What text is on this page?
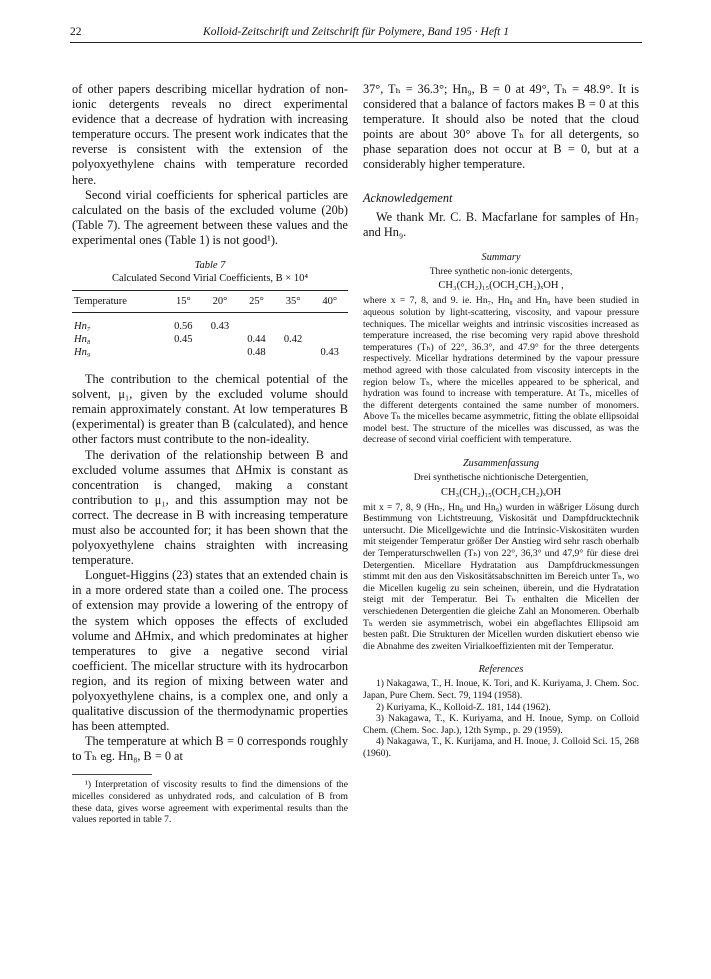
22	Kolloid-Zeitschrift und Zeitschrift für Polymere, Band 195 · Heft 1

of other papers describing micellar hydration of non-ionic detergents reveals no direct experimental evidence that a decrease of hydration with increasing temperature occurs. The present work indicates that the reverse is consistent with the extension of the polyoxyethylene chains with temperature recorded here.

Second virial coefficients for spherical particles are calculated on the basis of the excluded volume (20b) (Table 7). The agreement between these values and the experimental ones (Table 1) is not good¹).

Table 7
Calculated Second Virial Coefficients, B × 10⁴
Temperature	15°	20°	25°	35°	40°
Hn₇	0.56	0.43			
Hn₈	0.45		0.44	0.42	
Hn₉			0.48		0.43

The contribution to the chemical potential of the solvent, μ₁, given by the excluded volume should remain approximately constant. At low temperatures B (experimental) is greater than B (calculated), and hence other factors must contribute to the non-ideality.

The derivation of the relationship between B and excluded volume assumes that ΔHmix is constant as concentration is changed, making a constant contribution to μ₁, and this assumption may not be correct. The decrease in B with increasing temperature must also be accounted for; it has been shown that the polyoxyethylene chains straighten with increasing temperature.

Longuet-Higgins (23) states that an extended chain is in a more ordered state than a coiled one. The process of extension may provide a lowering of the entropy of the system which opposes the effects of excluded volume and ΔHmix, and which predominates at higher temperatures to give a negative second virial coefficient. The micellar structure with its hydrocarbon region, and its region of mixing between water and polyoxyethylene chains, is a complex one, and only a qualitative discussion of the thermodynamic properties has been attempted.

The temperature at which B = 0 corresponds roughly to Tₕ eg. Hn₈, B = 0 at

¹) Interpretation of viscosity results to find the dimensions of the micelles considered as unhydrated rods, and calculation of B from these data, gives worse agreement with experimental results than the values reported in table 7.

37°, Tₕ = 36.3°; Hn₉, B = 0 at 49°, Tₕ = 48.9°. It is considered that a balance of factors makes B = 0 at this temperature. It should also be noted that the cloud points are about 30° above Tₕ for all detergents, so phase separation does not occur at B = 0, but at a considerably higher temperature.

Acknowledgement

We thank Mr. C. B. Macfarlane for samples of Hn₇ and Hn₉.

Summary

Three synthetic non-ionic detergents,

CH₃(CH₂)₁₅(OCH₂CH₂)ₓOH ,

where x = 7, 8, and 9. ie. Hn₇, Hn₈ and Hn₉ have been studied in aqueous solution by light-scattering, viscosity, and vapour pressure techniques. The micellar weights and intrinsic viscosities increased as temperature increased, the rise becoming very rapid above threshold temperatures (Tₕ) of 22°, 36.3°, and 47.9° for the three detergents respectively. Micellar hydrations determined by the vapour pressure method agreed with those calculated from viscosity intercepts in the region below Tₕ, where the micelles appeared to be spherical, and hydration was found to increase with temperature. At Tₕ, micelles of the different detergents contained the same number of monomers. Above Tₕ the micelles became asymmetric, fitting the oblate ellipsoidal model best. The structure of the micelles was discussed, as was the decrease of second virial coefficient with temperature.

Zusammenfassung

Drei synthetische nichtionische Detergentien,

CH₃(CH₂)₁₅(OCH₂CH₂)ₓOH

mit x = 7, 8, 9 (Hn₇, Hn₈ und Hn₉) wurden in wäßriger Lösung durch Bestimmung von Lichtstreuung, Viskosität und Dampfdrucktechnik untersucht. Die Micellgewichte und die Intrinsic-Viskositäten wurden mit steigender Temperatur größer Der Anstieg wird sehr rasch oberhalb der Temperaturschwellen (Tₕ) von 22°, 36,3° und 47,9° für diese drei Detergentien. Micellare Hydratation aus Dampfdruckmessungen stimmt mit den aus den Viskositätsabschnitten im Bereich unter Tₕ, wo die Micellen kugelig zu sein scheinen, überein, und die Hydratation steigt mit der Temperatur. Bei Tₕ enthalten die Micellen der verschiedenen Detergentien die gleiche Zahl an Monomeren. Oberhalb Tₕ werden sie asymmetrisch, wobei ein abgeflachtes Ellipsoid am besten paßt. Die Strukturen der Micellen wurden diskutiert ebenso wie die Abnahme des zweiten Virialkoeffizienten mit der Temperatur.

References

1) Nakagawa, T., H. Inoue, K. Tori, and K. Kuriyama, J. Chem. Soc. Japan, Pure Chem. Sect. 79, 1194 (1958).

2) Kuriyama, K., Kolloid-Z. 181, 144 (1962).

3) Nakagawa, T., K. Kuriyama, and H. Inoue, Symp. on Colloid Chem. (Chem. Soc. Jap.), 12th Symp., p. 29 (1959).

4) Nakagawa, T., K. Kurijama, and H. Inoue, J. Colloid Sci. 15, 268 (1960).
